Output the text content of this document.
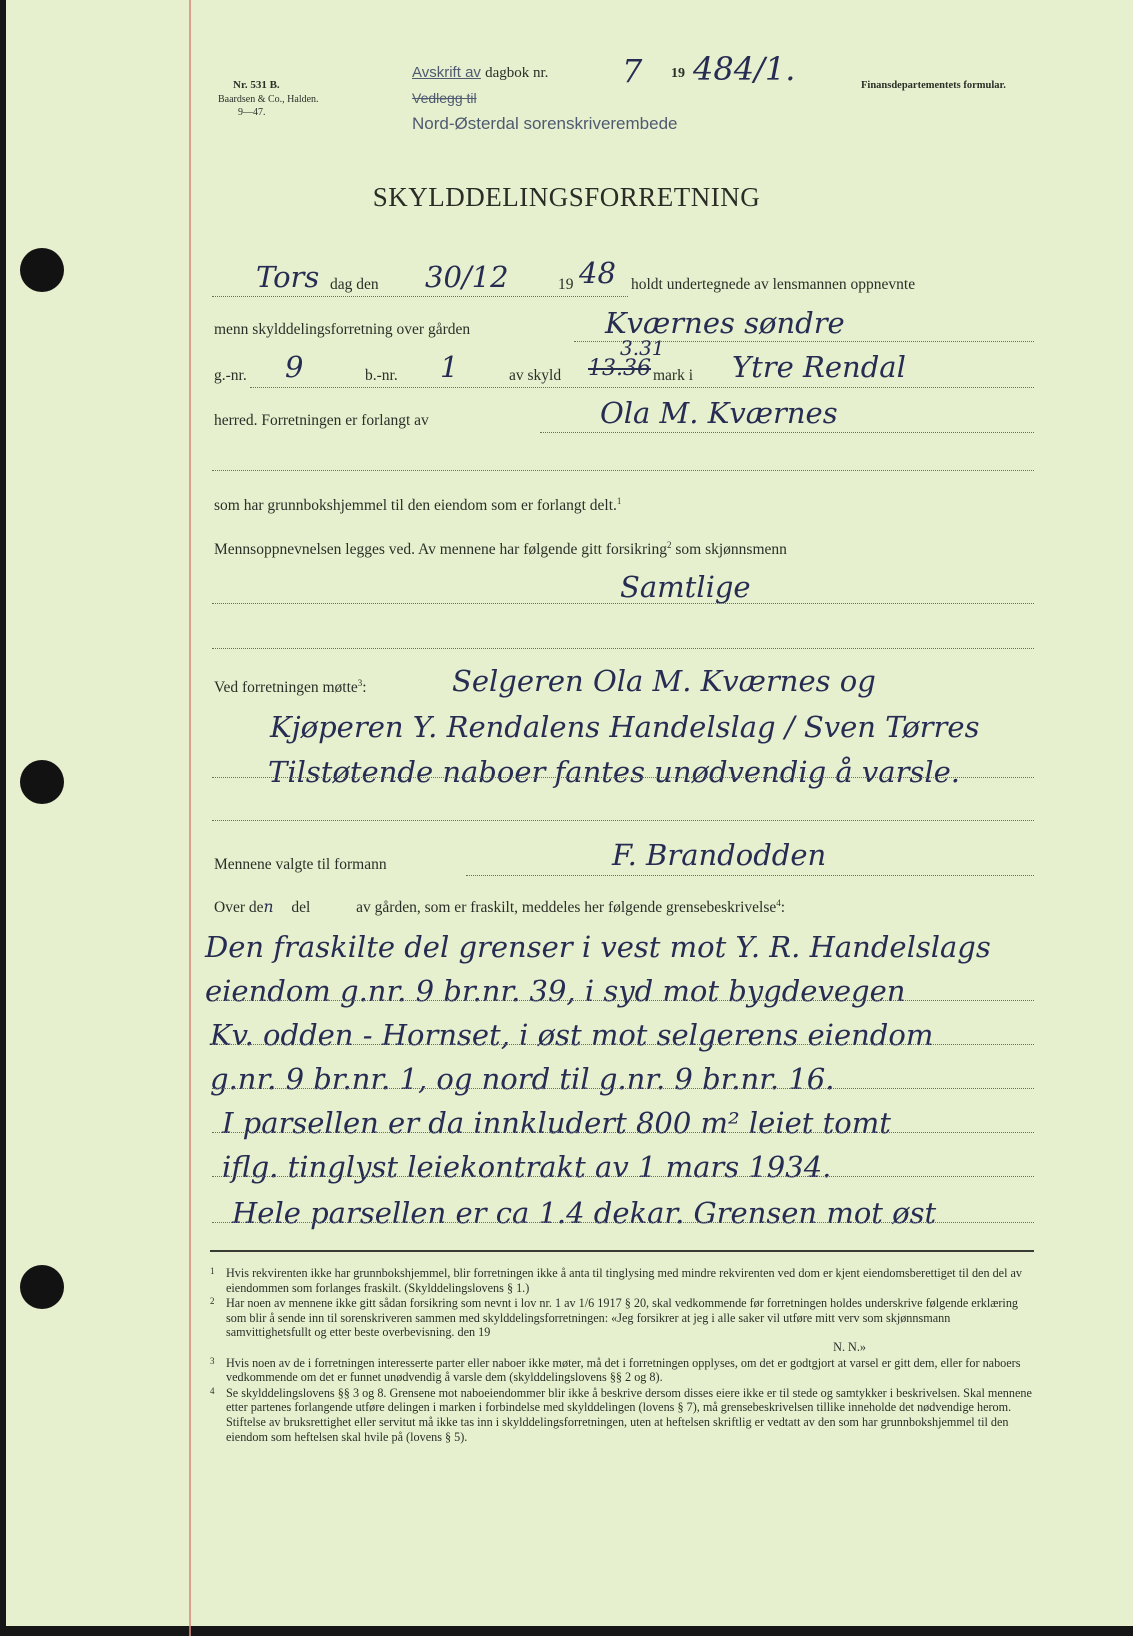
Nr. 531 B.
Baardsen & Co., Halden.
9—47.
Avskrift av dagbok nr. 7 19 484/1.
Vedlegg til
Nord-Østerdal sorenskriverembede
Finansdepartementets formular.
SKYLDDELINGSFORRETNING
Tors dag den 30/12	19 48 holdt undertegnede av lensmannen oppnevnte
menn skylddelingsforretning over gården	Kværnes søndre
g.-nr. 9	b.-nr. 1	av skyld 13.36
3.31
mark i Ytre Rendal
herred. Forretningen er forlangt av	Ola M. Kværnes
som har grunnbokshjemmel til den eiendom som er forlangt delt.$^1$
Mennsoppnevnelsen legges ved. Av mennene har følgende gitt forsikring$^2$ som skjønnsmenn
Samtlige
Ved forretningen møtte$^3$:	Selgeren Ola M. Kværnes og
Kjøperen Y. Rendalens Handelslag / Sven Tørres
Tilstøtende naboer fantes unødvendig å varsle.
Mennene valgte til formann	F. Brandodden
Over den del	av gården, som er fraskilt, meddeles her følgende grensebeskrivelse$^4$:
Den fraskilte del grenser i vest mot Y. R. Handelslags
eiendom g.nr. 9 br.nr. 39, i syd mot bygdevegen
Kv. odden - Hornset, i øst mot selgerens eiendom
g.nr. 9 br.nr. 1, og nord til g.nr. 9 br.nr. 16.
I parsellen er da innkludert 800 m² leiet tomt
iflg. tinglyst leiekontrakt av 1 mars 1934.
Hele parsellen er ca 1.4 dekar. Grensen mot øst
1 Hvis rekvirenten ikke har grunnbokshjemmel, blir forretningen ikke å anta til tinglysing med mindre rekvirenten ved dom er kjent eiendomsberettiget til den del av eiendommen som forlanges fraskilt. (Skylddelingslovens § 1.)
2 Har noen av mennene ikke gitt sådan forsikring som nevnt i lov nr. 1 av 1/6 1917 § 20, skal vedkommende før forretningen holdes underskrive følgende erklæring som blir å sende inn til sorenskriveren sammen med skylddelingsforretningen: «Jeg forsikrer at jeg i alle saker vil utføre mitt verv som skjønnsmann samvittighetsfullt og etter beste overbevisning. den 19
N. N.»
3 Hvis noen av de i forretningen interesserte parter eller naboer ikke møter, må det i forretningen opplyses, om det er godtgjort at varsel er gitt dem, eller for naboers vedkommende om det er funnet unødvendig å varsle dem (skylddelingslovens §§ 2 og 8).
4 Se skylddelingslovens §§ 3 og 8. Grensene mot naboeiendommer blir ikke å beskrive dersom disses eiere ikke er til stede og samtykker i beskrivelsen. Skal mennene etter partenes forlangende utføre delingen i marken i forbindelse med skylddelingen (lovens § 7), må grensebeskrivelsen tillike inneholde det nødvendige herom. Stiftelse av bruksrettighet eller servitut må ikke tas inn i skylddelingsforretningen, uten at heftelsen skriftlig er vedtatt av den som har grunnbokshjemmel til den eiendom som heftelsen skal hvile på (lovens § 5).
